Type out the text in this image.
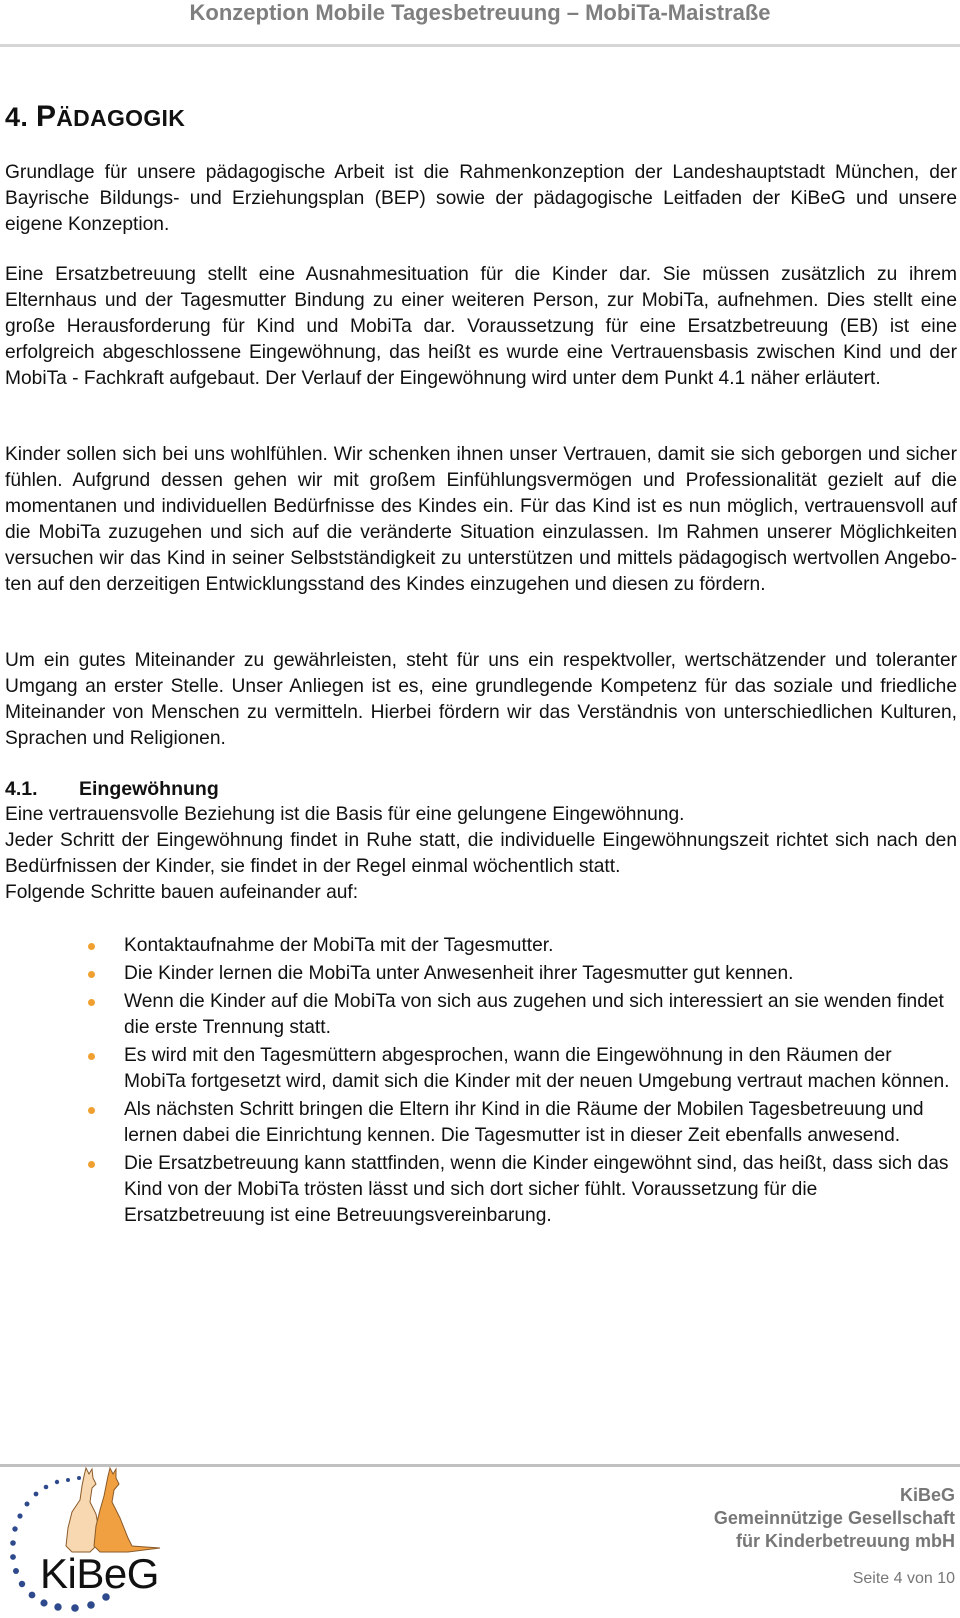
Konzeption Mobile Tagesbetreuung – MobiTa-Maistraße
4. PÄDAGOGIK

Grundlage für unsere pädagogische Arbeit ist die Rahmenkonzeption der Landeshauptstadt München, der Bayrische Bildungs- und Erziehungsplan (BEP) sowie der pädagogische Leitfaden der KiBeG und unsere eigene Konzeption.

Eine Ersatzbetreuung stellt eine Ausnahmesituation für die Kinder dar. Sie müssen zusätzlich zu ihrem Elternhaus und der Tagesmutter Bindung zu einer weiteren Person, zur MobiTa, aufnehmen. Dies stellt eine große Herausforderung für Kind und MobiTa dar. Voraussetzung für eine Ersatzbetreuung (EB) ist eine erfolgreich abgeschlossene Eingewöhnung, das heißt es wurde eine Vertrauensbasis zwischen Kind und der MobiTa - Fachkraft aufgebaut. Der Verlauf der Eingewöhnung wird unter dem Punkt 4.1 näher erläutert.

Kinder sollen sich bei uns wohlfühlen. Wir schenken ihnen unser Vertrauen, damit sie sich geborgen und sicher fühlen. Aufgrund dessen gehen wir mit großem Einfühlungsvermögen und Professionalität gezielt auf die momentanen und individuellen Bedürfnisse des Kindes ein. Für das Kind ist es nun möglich, vertrauensvoll auf die MobiTa zuzugehen und sich auf die veränderte Situation einzulassen. Im Rahmen unserer Möglichkeiten versuchen wir das Kind in seiner Selbstständigkeit zu unterstützen und mittels pädagogisch wertvollen Angeboten auf den derzeitigen Entwicklungsstand des Kindes einzugehen und diesen zu fördern.

Um ein gutes Miteinander zu gewährleisten, steht für uns ein respektvoller, wertschätzender und toleranter Umgang an erster Stelle. Unser Anliegen ist es, eine grundlegende Kompetenz für das soziale und friedliche Miteinander von Menschen zu vermitteln. Hierbei fördern wir das Verständnis von unterschiedlichen Kulturen, Sprachen und Religionen.

4.1. Eingewöhnung

Eine vertrauensvolle Beziehung ist die Basis für eine gelungene Eingewöhnung.

Jeder Schritt der Eingewöhnung findet in Ruhe statt, die individuelle Eingewöhnungszeit richtet sich nach den Bedürfnissen der Kinder, sie findet in der Regel einmal wöchentlich statt.

Folgende Schritte bauen aufeinander auf:

Kontaktaufnahme der MobiTa mit der Tagesmutter.
Die Kinder lernen die MobiTa unter Anwesenheit ihrer Tagesmutter gut kennen.
Wenn die Kinder auf die MobiTa von sich aus zugehen und sich interessiert an sie wenden findet die erste Trennung statt.
Es wird mit den Tagesmüttern abgesprochen, wann die Eingewöhnung in den Räumen der MobiTa fortgesetzt wird, damit sich die Kinder mit der neuen Umgebung vertraut machen können.
Als nächsten Schritt bringen die Eltern ihr Kind in die Räume der Mobilen Tagesbetreuung und lernen dabei die Einrichtung kennen. Die Tagesmutter ist in dieser Zeit ebenfalls anwesend.
Die Ersatzbetreuung kann stattfinden, wenn die Kinder eingewöhnt sind, das heißt, dass sich das Kind von der MobiTa trösten lässt und sich dort sicher fühlt. Voraussetzung für die Ersatzbetreuung ist eine Betreuungsvereinbarung.
KiBeG
KiBeG
Gemeinnützige Gesellschaft
für Kinderbetreuung mbH
Seite 4 von 10
